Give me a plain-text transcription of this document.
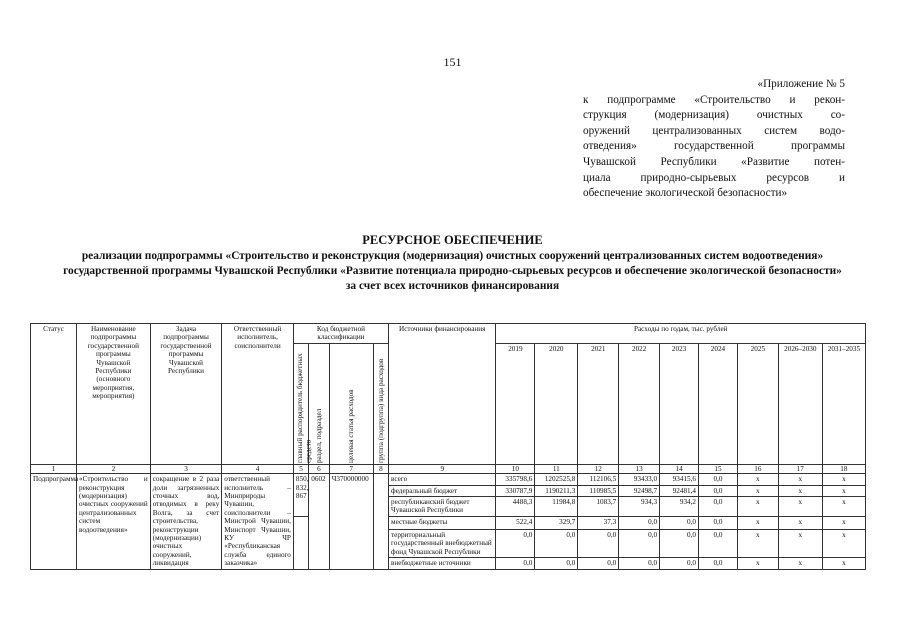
151
«Приложение № 5
к подпрограмме «Строительство и рекон-
струкция (модернизация) очистных со-
оружений централизованных систем водо-
отведения» государственной программы
Чувашской Республики «Развитие потен-
циала природно-сырьевых ресурсов и
обеспечение экологической безопасности»
РЕСУРСНОЕ ОБЕСПЕЧЕНИЕ
реализации подпрограммы «Строительство и реконструкция (модернизация) очистных сооружений централизованных систем водоотведения» государственной программы Чувашской Республики «Развитие потенциала природно-сырьевых ресурсов и обеспечение экологической безопасности» за счет всех источников финансирования
Статус	Наименование подпрограммы государственной программы Чувашской Республики (основного мероприятия, мероприятия)	Задача подпрограммы государственной программы Чувашской Республики	Ответственный исполнитель, соисполнители	Код бюджетной классификации				Источники финансирования	Расходы по годам, тыс. рублей								

				главный распорядитель бюджетных средств	раздел, подраздел	целевая статья расходов	группа (подгруппа) вида расходов		2019	2020	2021	2022	2023	2024	2025	2026–2030	2031–2035
1	2	3	4	5	6	7	8	9	10	11	12	13	14	15	16	17	18
Подпрограмма	«Строительство и реконструкция (модернизация) очистных сооружений централизованных систем водоотведения»	сокращение в 2 раза доли загрязненных сточных вод, отводимых в реку Волга, за счет строительства, реконструкции (модернизации) очистных сооружений, ликвидация	ответственный исполнитель – Минприроды Чувашии, соисполнители – Минстрой Чувашии, Минспорт Чувашии, КУ ЧР «Республиканская служба единого заказчика»	850, 832, 867	0602	Ч370000000		всего	335798,6	1202525,8	112106,5	93433,0	93415,6	0,0	x	x	x
								федеральный бюджет	330787,9	1190211,3	110985,5	92498,7	92481,4	0,0	x	x	x
								республиканский бюджет Чувашской Республики	4488,3	11984,8	1083,7	934,3	934,2	0,0	x	x	x
								местные бюджеты	522,4	329,7	37,3	0,0	0,0	0,0	x	x	x
								территориальный государственный внебюджетный фонд Чувашской Республики	0,0	0,0	0,0	0,0	0,0	0,0	x	x	x
								внебюджетные источники	0,0	0,0	0,0	0,0	0,0	0,0	x	x	x
